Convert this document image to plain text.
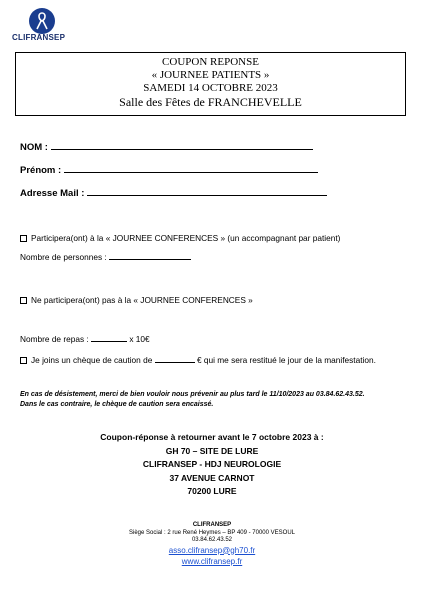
CLIFRANSEP
COUPON REPONSE
« JOURNEE PATIENTS »
SAMEDI 14 OCTOBRE 2023
Salle des Fêtes de FRANCHEVELLE
NOM :
Prénom :
Adresse Mail :
Participera(ont) à la « JOURNEE CONFERENCES » (un accompagnant par patient)
Nombre de personnes :
Ne participera(ont) pas à la « JOURNEE CONFERENCES »
Nombre de repas :	x 10€
Je joins un chèque de caution de	€ qui me sera restitué le jour de la manifestation.
En cas de désistement, merci de bien vouloir nous prévenir au plus tard le 11/10/2023 au 03.84.62.43.52.
Dans le cas contraire, le chèque de caution sera encaissé.
Coupon-réponse à retourner avant le 7 octobre 2023 à :
GH 70 – SITE DE LURE
CLIFRANSEP - HDJ NEUROLOGIE
37 AVENUE CARNOT
70200 LURE
CLIFRANSEP
Siège Social : 2 rue René Heymes – BP 409 - 70000 VESOUL
03.84.62.43.52
asso.clifransep@gh70.fr
www.clifransep.fr
